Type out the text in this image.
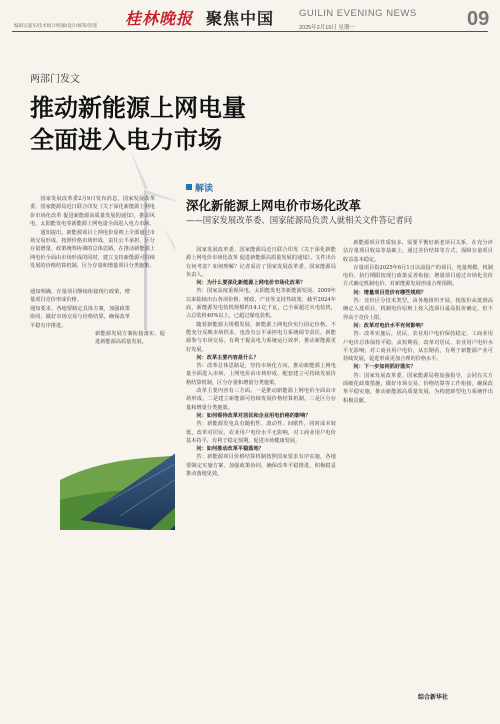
编辑吴淑军/技术统计/校稿/设计/统筹/管理 桂林晚报 聚焦中国	GUILIN EVENING NEWS
2025年2月10日 星期一	09
两部门发文
推动新能源上网电量
全面进入电力市场

国家发展改革委2月9日发布消息，国家发展改革委、国家能源局近日联合印发《关于深化新能源上网电价市场化改革 促进新能源高质量发展的通知》，推动风电、太阳能发电等新能源上网电量全面进入电力市场。

通知提出，新能源项目上网电价原则上全部通过市场交易形成。按照价格市场形成、责任公平承担、区分存量增量、政策统筹协调的总体思路，在推动新能源上网电价全面由市场形成的同时，建立支持新能源可持续发展的价格结算机制，区分存量和增量项目分类施策。

通知明确，存量项目继续衔接现行政策，增量项目竞价形成价格。

通知要求，各地要制定具体方案，加强政策协同，做好市场交易与价格结算，确保改革平稳有序推进。

新能源发展方案衔接落实，促进新能源高质量发展。

解读
深化新能源上网电价市场化改革
——国家发展改革委、国家能源局负责人就相关文件答记者问

国家发展改革委、国家能源局近日联合印发《关于深化新能源上网电价市场化改革 促进新能源高质量发展的通知》。文件出台有何考虑？如何理解？记者采访了国家发展改革委、国家能源局负责人。

问：为什么要深化新能源上网电价市场化改革？

答：国家高度重视风电、太阳能发电等新能源发展。2009年以来陆续出台各项价格、财政、产业等支持性政策，截至2024年底，新能源发电装机规模约14.1亿千瓦，已全面超过火电装机，占总装机40%以上，已超过煤电装机。

随着新能源大规模发展，新能源上网电价实行固定价格，不能充分反映市场供求，也没有公平承担电力系统调节责任。新能源参与市场交易，有利于提高电力系统运行效率，推动新能源更好发展。

问：改革主要内容是什么？

答：改革总体思路是，坚持市场化方向，推动新能源上网电量全面进入市场、上网电价由市场形成，配套建立可持续发展价格结算机制，区分存量和增量分类施策。

改革主要内容有三方面。一是推动新能源上网电价全面由市场形成。二是建立新能源可持续发展价格结算机制。三是区分存量和增量分类施策。

问：如何看待改革对居民和企业用电价格的影响？

答：新能源发电具有随机性、波动性、间歇性，同时成本较低，改革对居民、农业用户电价水平无影响，对工商业用户电价基本持平，有利于稳定预期，促进市场健康发展。

问：如何推动改革平稳落地？

答：新能源项目价格结算机制按照国家要求有序实施，各地要制定实施方案，加强政策协同，确保改革平稳推进，积极稳妥推动落地见效。

新能源项目性质较多，需要平衡好新老项目关系，在充分评估存量项目收益等基础上，通过差价结算等方式，保障存量项目收益基本稳定。

存量项目指2025年6月1日以前投产的项目，电量规模、机制电价、执行期限按现行政策妥善衔接；增量项目通过市场化竞价方式确定机制电价，对新能源发展形成合理预期。

问：增量项目竞价有哪些规则？

答：竞价区分技术类型，由各地组织开展，按报价从低到高确定入选项目，机制电价原则上按入选项目最高报价确定，但不得高于竞价上限。

问：改革对电价水平有何影响？

答：改革实施后，居民、农业用户电价保持稳定，工商业用户电价总体保持平稳。从短期看，改革对居民、农业用户电价水平无影响；对工商业用户电价，从长期看，有利于新能源产业可持续发展，促进形成更加合理的价格水平。

问：下一步如何抓好落实？

答：国家发展改革委、国家能源局将加强指导，会同有关方面细化政策措施，做好市场交易、价格结算等工作衔接，确保改革平稳实施，推动新能源高质量发展，为构建新型电力系统作出积极贡献。

综合新华社
